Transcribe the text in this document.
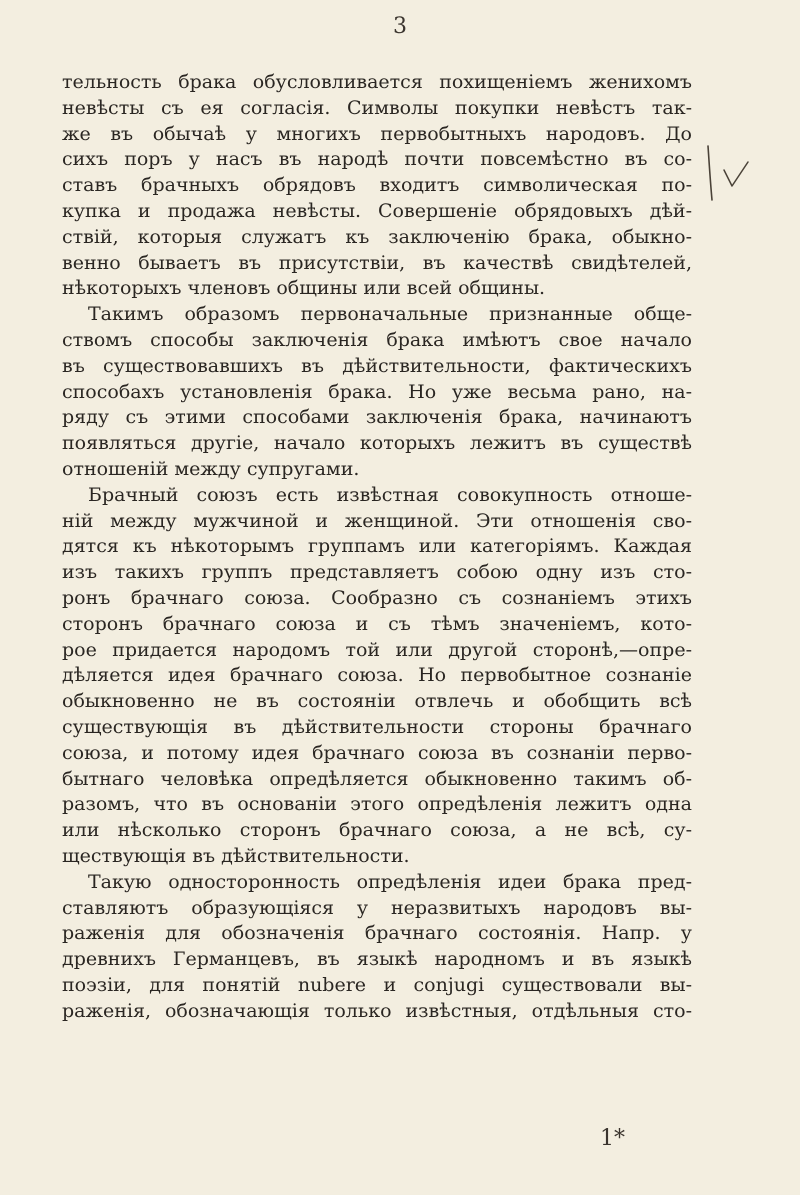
3
тельность брака обусловливается похищеніемъ женихомъ
невѣсты съ ея согласія. Символы покупки невѣстъ так-
же въ обычаѣ у многихъ первобытныхъ народовъ. До
сихъ поръ у насъ въ народѣ почти повсемѣстно въ со-
ставъ брачныхъ обрядовъ входитъ символическая по-
купка и продажа невѣсты. Совершеніе обрядовыхъ дѣй-
ствій, которыя служатъ къ заключенію брака, обыкно-
венно бываетъ въ присутствіи, въ качествѣ свидѣтелей,
нѣкоторыхъ членовъ общины или всей общины.
Такимъ образомъ первоначальные признанные обще-
ствомъ способы заключенія брака имѣютъ свое начало
въ существовавшихъ въ дѣйствительности, фактическихъ
способахъ установленія брака. Но уже весьма рано, на-
ряду съ этими способами заключенія брака, начинаютъ
появляться другіе, начало которыхъ лежитъ въ существѣ
отношеній между супругами.
Брачный союзъ есть извѣстная совокупность отноше-
ній между мужчиной и женщиной. Эти отношенія сво-
дятся къ нѣкоторымъ группамъ или категоріямъ. Каждая
изъ такихъ группъ представляетъ собою одну изъ сто-
ронъ брачнаго союза. Сообразно съ сознаніемъ этихъ
сторонъ брачнаго союза и съ тѣмъ значеніемъ, кото-
рое придается народомъ той или другой сторонѣ,—опре-
дѣляется идея брачнаго союза. Но первобытное сознаніе
обыкновенно не въ состояніи отвлечь и обобщить всѣ
существующія въ дѣйствительности стороны брачнаго
союза, и потому идея брачнаго союза въ сознаніи перво-
бытнаго человѣка опредѣляется обыкновенно такимъ об-
разомъ, что въ основаніи этого опредѣленія лежитъ одна
или нѣсколько сторонъ брачнаго союза, а не всѣ, су-
ществующія въ дѣйствительности.
Такую односторонность опредѣленія идеи брака пред-
ставляютъ образующіяся у неразвитыхъ народовъ вы-
раженія для обозначенія брачнаго состоянія. Напр. у
древнихъ Германцевъ, въ языкѣ народномъ и въ языкѣ
поэзіи, для понятій nubere и conjugi существовали вы-
раженія, обозначающія только извѣстныя, отдѣльныя сто-
1*
